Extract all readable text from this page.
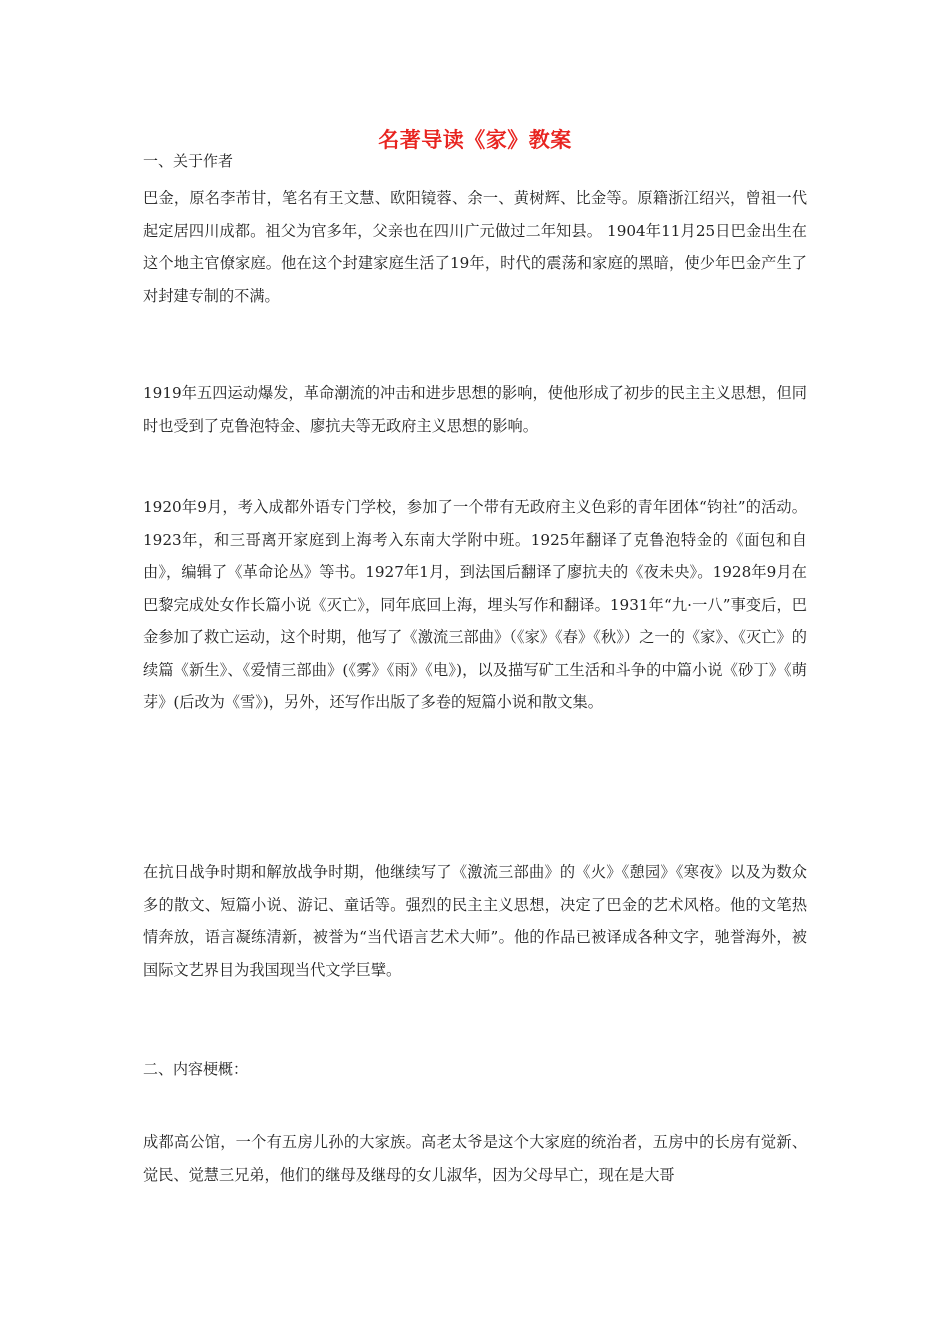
名著导读《家》教案

一、关于作者

巴金，原名李芾甘，笔名有王文慧、欧阳镜蓉、余一、黄树辉、比金等。原籍浙江绍兴，曾祖一代起定居四川成都。祖父为官多年，父亲也在四川广元做过二年知县。 1904年11月25日巴金出生在这个地主官僚家庭。他在这个封建家庭生活了19年，时代的震荡和家庭的黑暗，使少年巴金产生了对封建专制的不满。

1919年五四运动爆发，革命潮流的冲击和进步思想的影响，使他形成了初步的民主主义思想，但同时也受到了克鲁泡特金、廖抗夫等无政府主义思想的影响。

1920年9月，考入成都外语专门学校，参加了一个带有无政府主义色彩的青年团体“钧社”的活动。1923年，和三哥离开家庭到上海考入东南大学附中班。1925年翻译了克鲁泡特金的《面包和自由》，编辑了《革命论丛》等书。1927年1月，到法国后翻译了廖抗夫的《夜未央》。1928年9月在巴黎完成处女作长篇小说《灭亡》，同年底回上海，埋头写作和翻译。1931年“九·一八”事变后，巴金参加了救亡运动，这个时期，他写了《激流三部曲》（《家》《春》《秋》）之一的《家》、《灭亡》的续篇《新生》、《爱情三部曲》(《雾》《雨》《电》)，以及描写矿工生活和斗争的中篇小说《砂丁》《萌芽》(后改为《雪》)，另外，还写作出版了多卷的短篇小说和散文集。

在抗日战争时期和解放战争时期，他继续写了《激流三部曲》的《火》《憩园》《寒夜》以及为数众多的散文、短篇小说、游记、童话等。强烈的民主主义思想，决定了巴金的艺术风格。他的文笔热情奔放，语言凝练清新，被誉为“当代语言艺术大师”。他的作品已被译成各种文字，驰誉海外，被国际文艺界目为我国现当代文学巨擘。

二、内容梗概：

成都高公馆，一个有五房儿孙的大家族。高老太爷是这个大家庭的统治者，五房中的长房有觉新、觉民、觉慧三兄弟，他们的继母及继母的女儿淑华，因为父母早亡，现在是大哥
